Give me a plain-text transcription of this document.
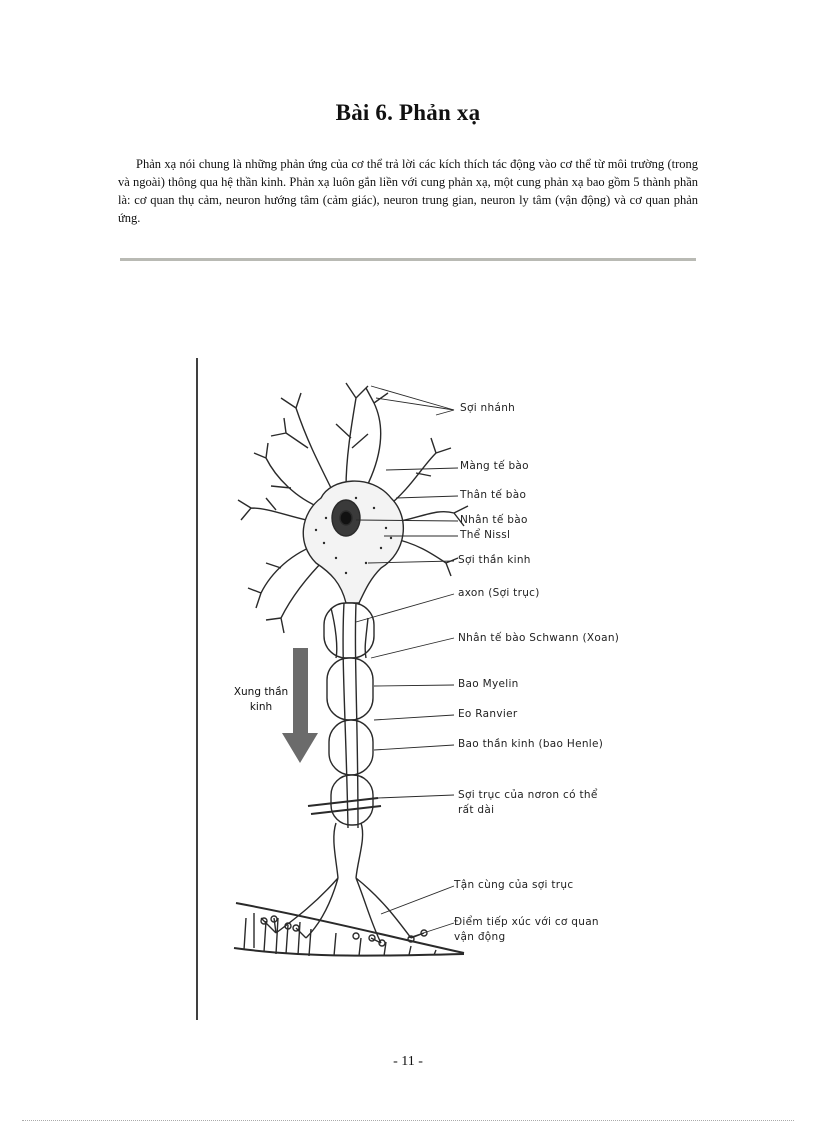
Bài 6. Phản xạ
Phản xạ nói chung là những phản ứng của cơ thể trả lời các kích thích tác động vào cơ thể từ môi trường (trong và ngoài) thông qua hệ thần kinh. Phản xạ luôn gắn liền với cung phản xạ, một cung phản xạ bao gồm 5 thành phần là: cơ quan thụ cảm, neuron hướng tâm (cảm giác), neuron trung gian, neuron ly tâm (vận động) và cơ quan phản ứng.
Sợi nhánh
Màng tế bào
Thân tế bào
Nhân tế bào
Thể Nissl
Sợi thần kinh
axon (Sợi trục)
Nhân tế bào Schwann (Xoan)
Bao Myelin
Eo Ranvier
Bao thần kinh (bao Henle)
Sợi trục của nơron có thể rất dài
Tận cùng của sợi trục
Điểm tiếp xúc với cơ quan vận động
Xung thần kinh
- 11 -
